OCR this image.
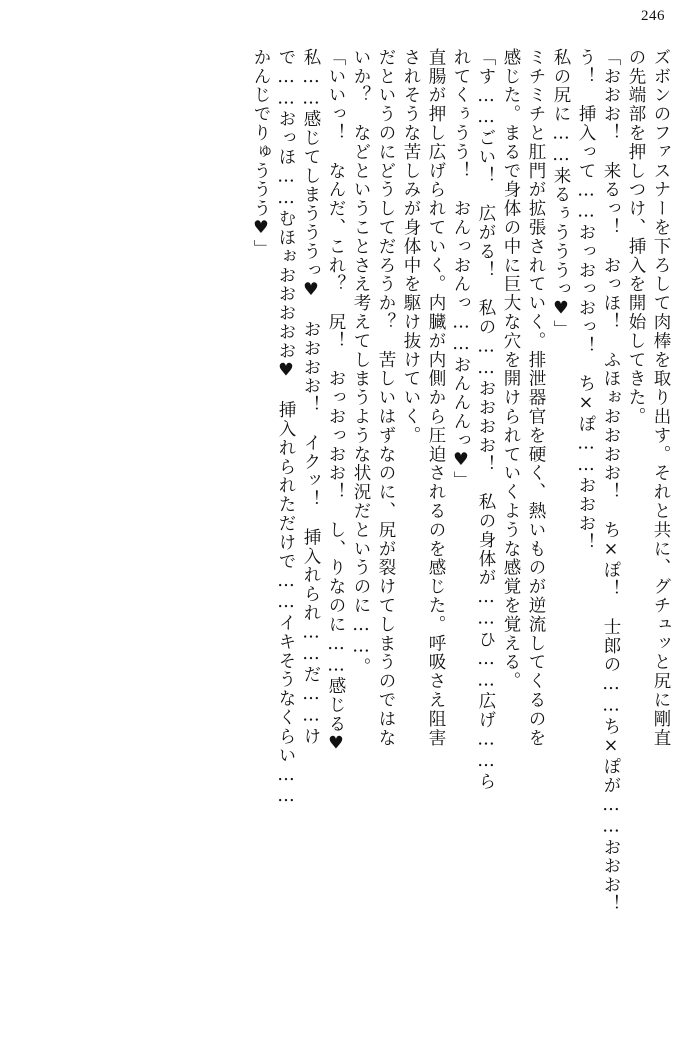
246
ズボンのファスナーを下ろして肉棒を取り出す。それと共に、グチュッと尻に剛直
の先端部を押しつけ、挿入を開始してきた。
「おおお！　来るっ！　おっほ！　ふほぉおおおお！　ち×ぽ！　士郎の……ち×ぽが……おおお！
う！　挿入って……おっおっおっ！　ち×ぽ……おおお！
私の尻に……来るぅうううっ♥」
ミチミチと肛門が拡張されていく。排泄器官を硬く、熱いものが逆流してくるのを
感じた。まるで身体の中に巨大な穴を開けられていくような感覚を覚える。
「す……ごい！　広がる！　私の……おおおお！　私の身体が……ひ……広げ……ら
れてくぅうう！　おんっおんっ……おんんんっ♥」
直腸が押し広げられていく。内臓が内側から圧迫されるのを感じた。呼吸さえ阻害
されそうな苦しみが身体中を駆け抜けていく。
だというのにどうしてだろうか？　苦しいはずなのに、尻が裂けてしまうのではな
いか？　などということさえ考えてしまうような状況だというのに……。
「いいっ！　なんだ、これ？　尻！　おっおっおお！　し、りなのに……感じる♥
私……感じてしまうううっ♥　おおおお！　イクッ！　挿入れられ……だ……け
で……おっほ……むほぉおおおおお♥　挿入れられただけで……イキそうなくらい……
かんじでりゅううう♥」
